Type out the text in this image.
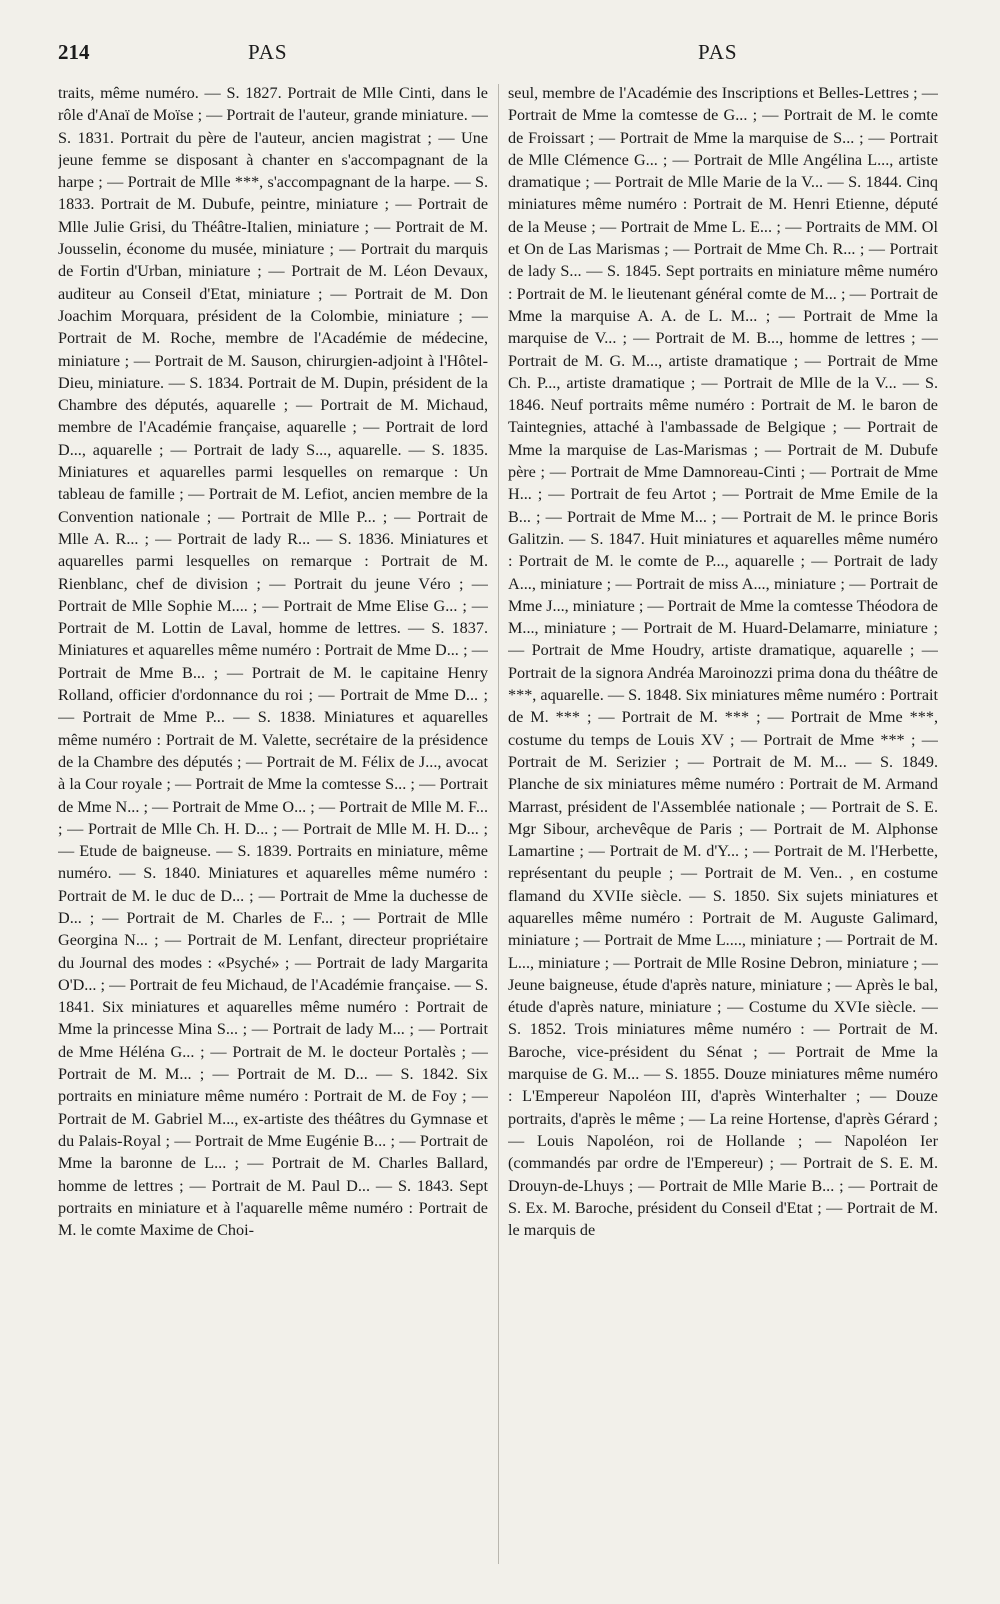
214	PAS	PAS

traits, même numéro. — S. 1827. Portrait de Mlle Cinti, dans le rôle d'Anaï de Moïse ; — Portrait de l'auteur, grande miniature. — S. 1831. Portrait du père de l'auteur, ancien magistrat ; — Une jeune femme se disposant à chanter en s'accompagnant de la harpe ; — Portrait de Mlle ***, s'accompagnant de la harpe. — S. 1833. Portrait de M. Dubufe, peintre, miniature ; — Portrait de Mlle Julie Grisi, du Théâtre-Italien, miniature ; — Portrait de M. Jousselin, économe du musée, miniature ; — Portrait du marquis de Fortin d'Urban, miniature ; — Portrait de M. Léon Devaux, auditeur au Conseil d'Etat, miniature ; — Portrait de M. Don Joachim Morquara, président de la Colombie, miniature ; — Portrait de M. Roche, membre de l'Académie de médecine, miniature ; — Portrait de M. Sauson, chirurgien-adjoint à l'Hôtel-Dieu, miniature. — S. 1834. Portrait de M. Dupin, président de la Chambre des députés, aquarelle ; — Portrait de M. Michaud, membre de l'Académie française, aquarelle ; — Portrait de lord D..., aquarelle ; — Portrait de lady S..., aquarelle. — S. 1835. Miniatures et aquarelles parmi lesquelles on remarque : Un tableau de famille ; — Portrait de M. Lefiot, ancien membre de la Convention nationale ; — Portrait de Mlle P... ; — Portrait de Mlle A. R... ; — Portrait de lady R... — S. 1836. Miniatures et aquarelles parmi lesquelles on remarque : Portrait de M. Rienblanc, chef de division ; — Portrait du jeune Véro ; — Portrait de Mlle Sophie M.... ; — Portrait de Mme Elise G... ; — Portrait de M. Lottin de Laval, homme de lettres. — S. 1837. Miniatures et aquarelles même numéro : Portrait de Mme D... ; — Portrait de Mme B... ; — Portrait de M. le capitaine Henry Rolland, officier d'ordonnance du roi ; — Portrait de Mme D... ; — Portrait de Mme P... — S. 1838. Miniatures et aquarelles même numéro : Portrait de M. Valette, secrétaire de la présidence de la Chambre des députés ; — Portrait de M. Félix de J..., avocat à la Cour royale ; — Portrait de Mme la comtesse S... ; — Portrait de Mme N... ; — Portrait de Mme O... ; — Portrait de Mlle M. F... ; — Portrait de Mlle Ch. H. D... ; — Portrait de Mlle M. H. D... ; — Etude de baigneuse. — S. 1839. Portraits en miniature, même numéro. — S. 1840. Miniatures et aquarelles même numéro : Portrait de M. le duc de D... ; — Portrait de Mme la duchesse de D... ; — Portrait de M. Charles de F... ; — Portrait de Mlle Georgina N... ; — Portrait de M. Lenfant, directeur propriétaire du Journal des modes : «Psyché» ; — Portrait de lady Margarita O'D... ; — Portrait de feu Michaud, de l'Académie française. — S. 1841. Six miniatures et aquarelles même numéro : Portrait de Mme la princesse Mina S... ; — Portrait de lady M... ; — Portrait de Mme Héléna G... ; — Portrait de M. le docteur Portalès ; — Portrait de M. M... ; — Portrait de M. D... — S. 1842. Six portraits en miniature même numéro : Portrait de M. de Foy ; — Portrait de M. Gabriel M..., ex-artiste des théâtres du Gymnase et du Palais-Royal ; — Portrait de Mme Eugénie B... ; — Portrait de Mme la baronne de L... ; — Portrait de M. Charles Ballard, homme de lettres ; — Portrait de M. Paul D... — S. 1843. Sept portraits en miniature et à l'aquarelle même numéro : Portrait de M. le comte Maxime de Choi-

seul, membre de l'Académie des Inscriptions et Belles-Lettres ; — Portrait de Mme la comtesse de G... ; — Portrait de M. le comte de Froissart ; — Portrait de Mme la marquise de S... ; — Portrait de Mlle Clémence G... ; — Portrait de Mlle Angélina L..., artiste dramatique ; — Portrait de Mlle Marie de la V... — S. 1844. Cinq miniatures même numéro : Portrait de M. Henri Etienne, député de la Meuse ; — Portrait de Mme L. E... ; — Portraits de MM. Ol et On de Las Marismas ; — Portrait de Mme Ch. R... ; — Portrait de lady S... — S. 1845. Sept portraits en miniature même numéro : Portrait de M. le lieutenant général comte de M... ; — Portrait de Mme la marquise A. A. de L. M... ; — Portrait de Mme la marquise de V... ; — Portrait de M. B..., homme de lettres ; — Portrait de M. G. M..., artiste dramatique ; — Portrait de Mme Ch. P..., artiste dramatique ; — Portrait de Mlle de la V... — S. 1846. Neuf portraits même numéro : Portrait de M. le baron de Taintegnies, attaché à l'ambassade de Belgique ; — Portrait de Mme la marquise de Las-Marismas ; — Portrait de M. Dubufe père ; — Portrait de Mme Damnoreau-Cinti ; — Portrait de Mme H... ; — Portrait de feu Artot ; — Portrait de Mme Emile de la B... ; — Portrait de Mme M... ; — Portrait de M. le prince Boris Galitzin. — S. 1847. Huit miniatures et aquarelles même numéro : Portrait de M. le comte de P..., aquarelle ; — Portrait de lady A..., miniature ; — Portrait de miss A..., miniature ; — Portrait de Mme J..., miniature ; — Portrait de Mme la comtesse Théodora de M..., miniature ; — Portrait de M. Huard-Delamarre, miniature ; — Portrait de Mme Houdry, artiste dramatique, aquarelle ; — Portrait de la signora Andréa Maroinozzi prima dona du théâtre de ***, aquarelle. — S. 1848. Six miniatures même numéro : Portrait de M. *** ; — Portrait de M. *** ; — Portrait de Mme ***, costume du temps de Louis XV ; — Portrait de Mme *** ; — Portrait de M. Serizier ; — Portrait de M. M... — S. 1849. Planche de six miniatures même numéro : Portrait de M. Armand Marrast, président de l'Assemblée nationale ; — Portrait de S. E. Mgr Sibour, archevêque de Paris ; — Portrait de M. Alphonse Lamartine ; — Portrait de M. d'Y... ; — Portrait de M. l'Herbette, représentant du peuple ; — Portrait de M. Ven.. , en costume flamand du XVIIe siècle. — S. 1850. Six sujets miniatures et aquarelles même numéro : Portrait de M. Auguste Galimard, miniature ; — Portrait de Mme L...., miniature ; — Portrait de M. L..., miniature ; — Portrait de Mlle Rosine Debron, miniature ; — Jeune baigneuse, étude d'après nature, miniature ; — Après le bal, étude d'après nature, miniature ; — Costume du XVIe siècle. — S. 1852. Trois miniatures même numéro : — Portrait de M. Baroche, vice-président du Sénat ; — Portrait de Mme la marquise de G. M... — S. 1855. Douze miniatures même numéro : L'Empereur Napoléon III, d'après Winterhalter ; — Douze portraits, d'après le même ; — La reine Hortense, d'après Gérard ; — Louis Napoléon, roi de Hollande ; — Napoléon Ier (commandés par ordre de l'Empereur) ; — Portrait de S. E. M. Drouyn-de-Lhuys ; — Portrait de Mlle Marie B... ; — Portrait de S. Ex. M. Baroche, président du Conseil d'Etat ; — Portrait de M. le marquis de
